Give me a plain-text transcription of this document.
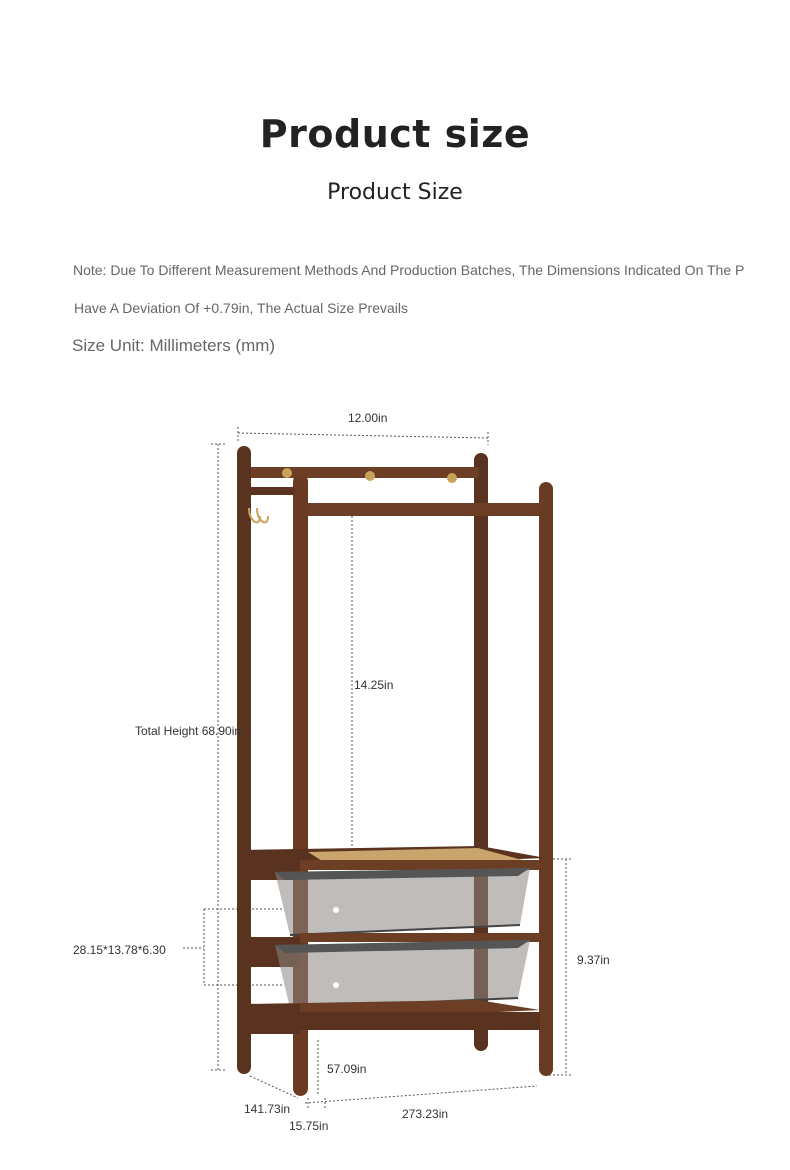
Product size
Product Size
Note: Due To Different Measurement Methods And Production Batches, The Dimensions Indicated On The P
Have A Deviation Of +0.79in, The Actual Size Prevails
Size Unit: Millimeters (mm)
12.00in
14.25in
Total Height 68.90in
28.15*13.78*6.30
9.37in
57.09in
141.73in
15.75in
273.23in
